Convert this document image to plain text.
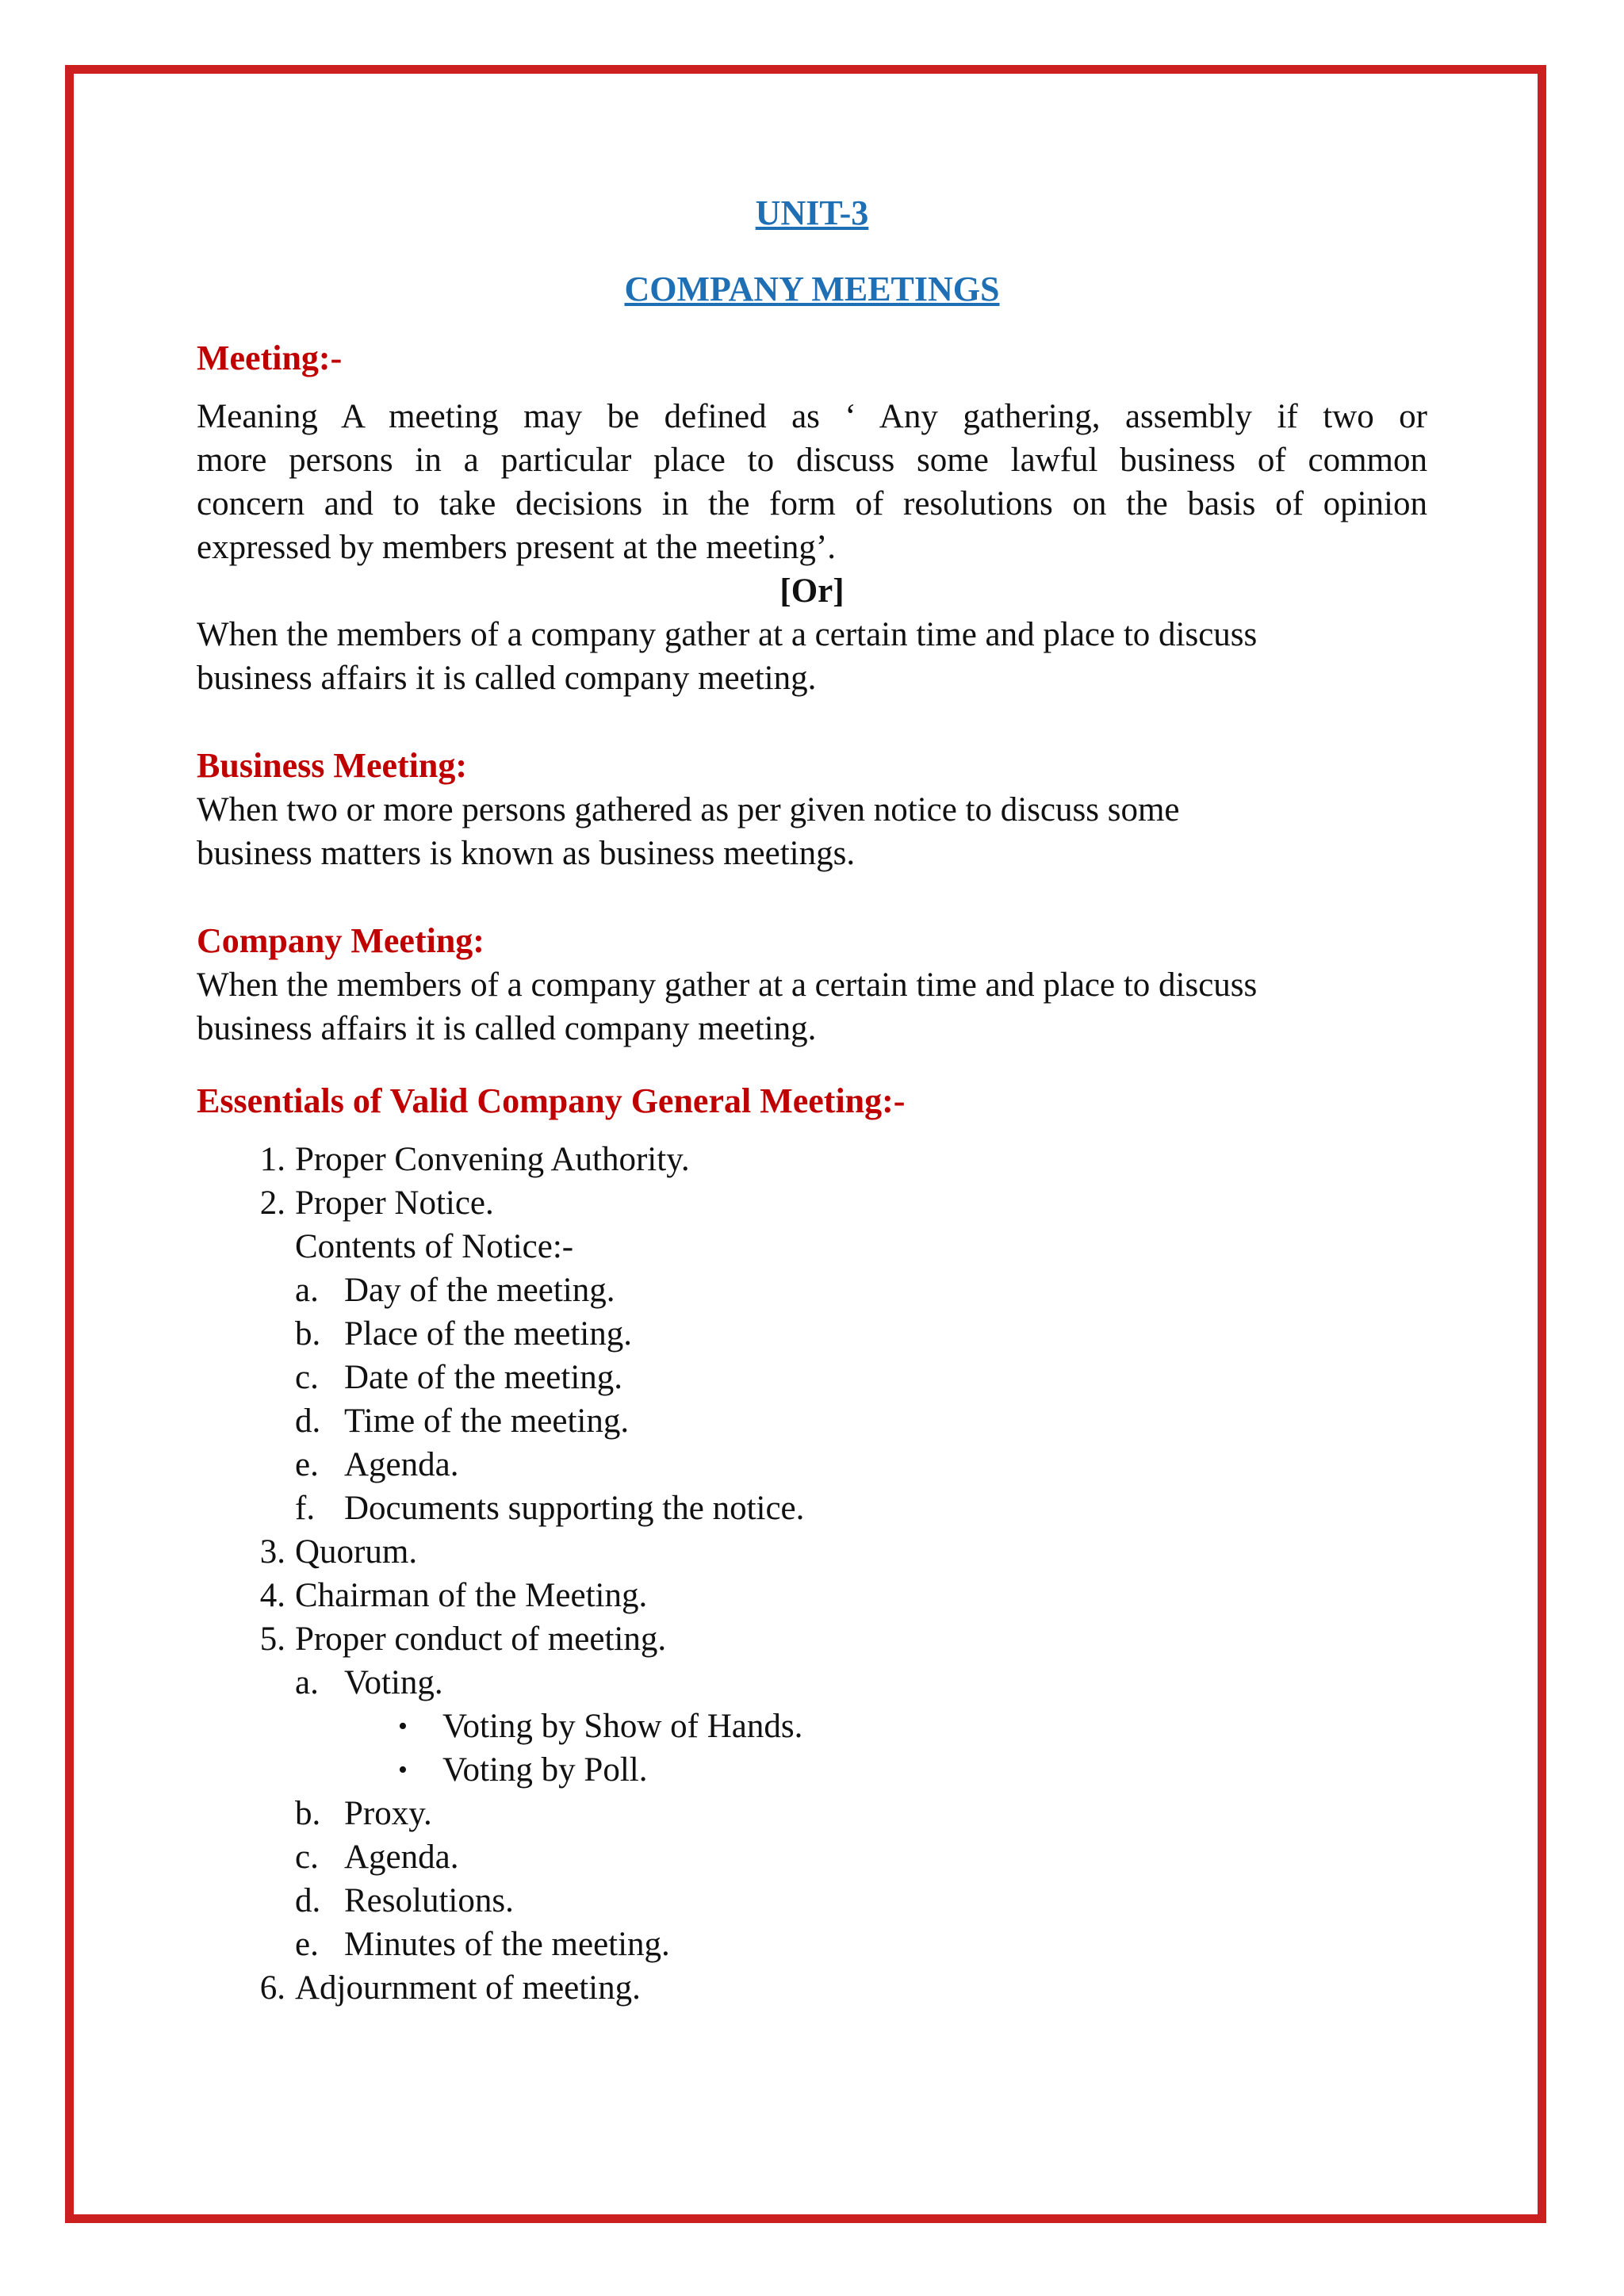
UNIT-3
COMPANY MEETINGS
Meeting:-

Meaning A meeting may be defined as ‘ Any gathering, assembly if two or

more persons in a particular place to discuss some lawful business of common

concern and to take decisions in the form of resolutions on the basis of opinion

expressed by members present at the meeting’.

[Or]

When the members of a company gather at a certain time and place to discuss

business affairs it is called company meeting.

Business Meeting:

When two or more persons gathered as per given notice to discuss some

business matters is known as business meetings.

Company Meeting:

When the members of a company gather at a certain time and place to discuss

business affairs it is called company meeting.

Essentials of Valid Company General Meeting:-
1. Proper Convening Authority.
2. Proper Notice.
Contents of Notice:-
a. Day of the meeting.
b. Place of the meeting.
c. Date of the meeting.
d. Time of the meeting.
e. Agenda.
f. Documents supporting the notice.
3. Quorum.
4. Chairman of the Meeting.
5. Proper conduct of meeting.
a. Voting.
• Voting by Show of Hands.
• Voting by Poll.
b. Proxy.
c. Agenda.
d. Resolutions.
e. Minutes of the meeting.
6. Adjournment of meeting.
